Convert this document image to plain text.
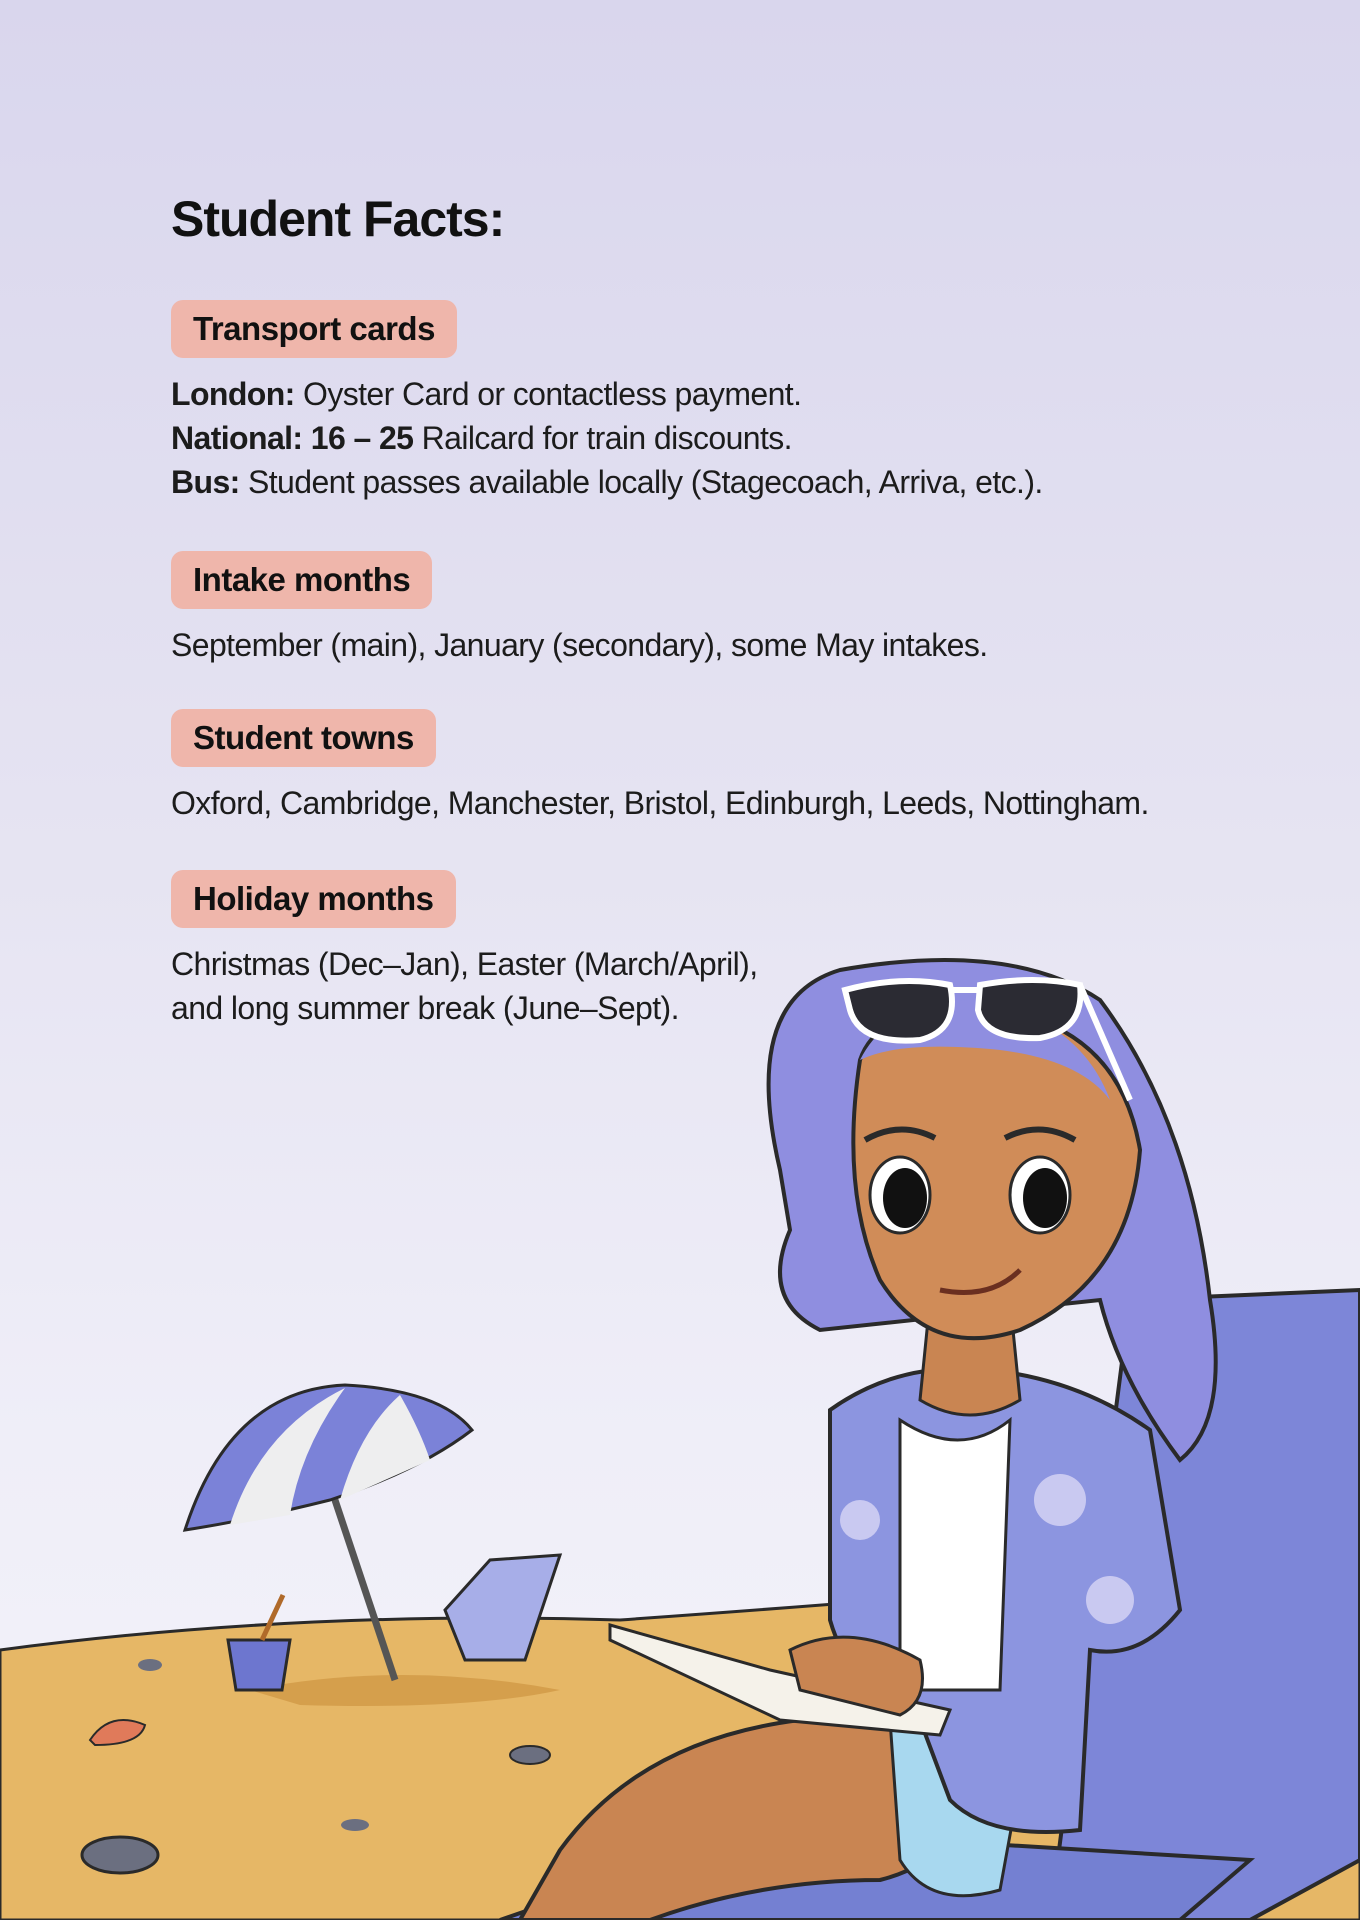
Student Facts:
Transport cards
London: Oyster Card or contactless payment.
National: 16 – 25 Railcard for train discounts.
Bus: Student passes available locally (Stagecoach, Arriva, etc.).
Intake months
September (main), January (secondary), some May intakes.
Student towns
Oxford, Cambridge, Manchester, Bristol, Edinburgh, Leeds, Nottingham.
Holiday months
Christmas (Dec–Jan), Easter (March/April),
and long summer break (June–Sept).
